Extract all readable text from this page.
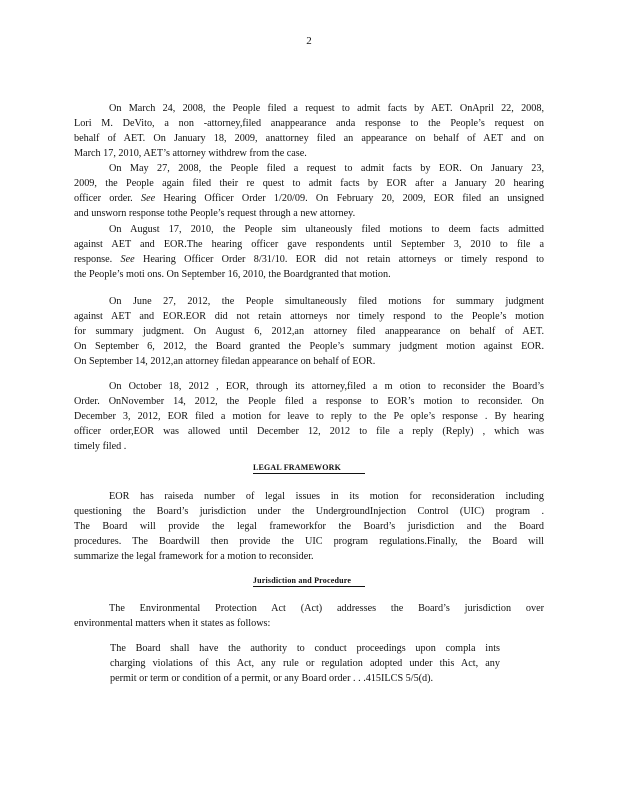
2
On March 24, 2008, the People filed a request to admit facts by AET. OnApril 22, 2008,
Lori M. DeVito, a non -attorney,filed anappearance anda response to the People’s request on
behalf of AET. On January 18, 2009, anattorney filed an appearance on behalf of AET and on
March 17, 2010, AET’s attorney withdrew from the case.
On May 27, 2008, the People filed a request to admit facts by EOR. On January 23,
2009, the People again filed their re quest to admit facts by EOR after a January 20 hearing
officer order. See Hearing Officer Order 1/20/09. On February 20, 2009, EOR filed an unsigned
and unsworn response tothe People’s request through a new attorney.
On August 17, 2010, the People sim ultaneously filed motions to deem facts admitted
against AET and EOR.The hearing officer gave respondents until September 3, 2010 to file a
response. See Hearing Officer Order 8/31/10. EOR did not retain attorneys or timely respond to
the People’s moti ons. On September 16, 2010, the Boardgranted that motion.
On June 27, 2012, the People simultaneously filed motions for summary judgment
against AET and EOR.EOR did not retain attorneys nor timely respond to the People’s motion
for summary judgment. On August 6, 2012,an attorney filed anappearance on behalf of AET.
On September 6, 2012, the Board granted the People’s summary judgment motion against EOR.
On September 14, 2012,an attorney filedan appearance on behalf of EOR.
On October 18, 2012 , EOR, through its attorney,filed a m otion to reconsider the Board’s
Order. OnNovember 14, 2012, the People filed a response to EOR’s motion to reconsider. On
December 3, 2012, EOR filed a motion for leave to reply to the Pe ople’s response . By hearing
officer order,EOR was allowed until December 12, 2012 to file a reply (Reply) , which was
timely filed .
LEGAL FRAMEWORK
EOR has raiseda number of legal issues in its motion for reconsideration including
questioning the Board’s jurisdiction under the UndergroundInjection Control (UIC) program .
The Board will provide the legal frameworkfor the Board’s jurisdiction and the Board
procedures. The Boardwill then provide the UIC program regulations.Finally, the Board will
summarize the legal framework for a motion to reconsider.
Jurisdiction and Procedure
The Environmental Protection Act (Act) addresses the Board’s jurisdiction over
environmental matters when it states as follows:
The Board shall have the authority to conduct proceedings upon compla ints
charging violations of this Act, any rule or regulation adopted under this Act, any
permit or term or condition of a permit, or any Board order . . .415ILCS 5/5(d).
